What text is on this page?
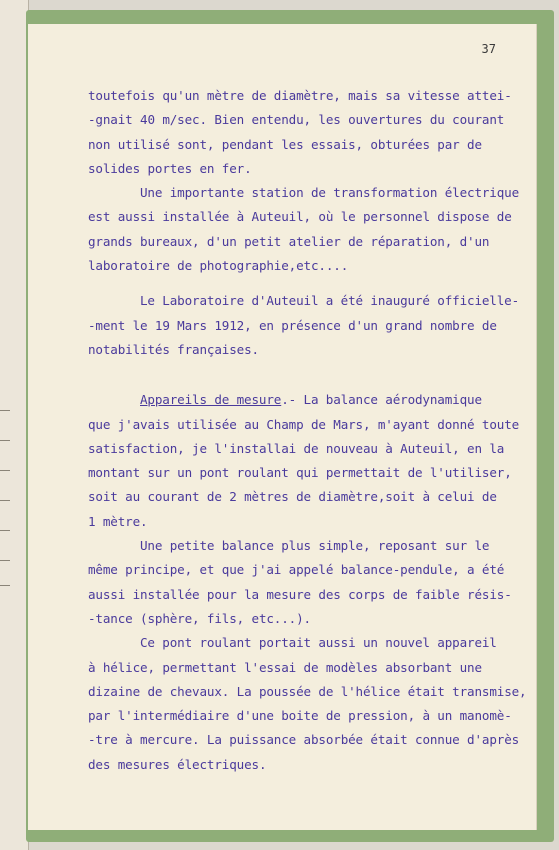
37
toutefois qu'un mètre de diamètre, mais sa vitesse attei-
-gnait 40 m/sec. Bien entendu, les ouvertures du courant
non utilisé sont, pendant les essais, obturées par de
solides portes en fer.
Une importante station de transformation électrique
est aussi installée à Auteuil, où le personnel dispose de
grands bureaux, d'un petit atelier de réparation, d'un
laboratoire de photographie,etc....
Le Laboratoire d'Auteuil a été inauguré officielle-
-ment le 19 Mars 1912, en présence d'un grand nombre de
notabilités françaises.
Appareils de mesure.- La balance aérodynamique
que j'avais utilisée au Champ de Mars, m'ayant donné toute
satisfaction, je l'installai de nouveau à Auteuil, en la
montant sur un pont roulant qui permettait de l'utiliser,
soit au courant de 2 mètres de diamètre,soit à celui de
1 mètre.
Une petite balance plus simple, reposant sur le
même principe, et que j'ai appelé balance-pendule, a été
aussi installée pour la mesure des corps de faible résis-
-tance (sphère, fils, etc...).
Ce pont roulant portait aussi un nouvel appareil
à hélice, permettant l'essai de modèles absorbant une
dizaine de chevaux. La poussée de l'hélice était transmise,
par l'intermédiaire d'une boite de pression, à un manomè-
-tre à mercure. La puissance absorbée était connue d'après
des mesures électriques.
